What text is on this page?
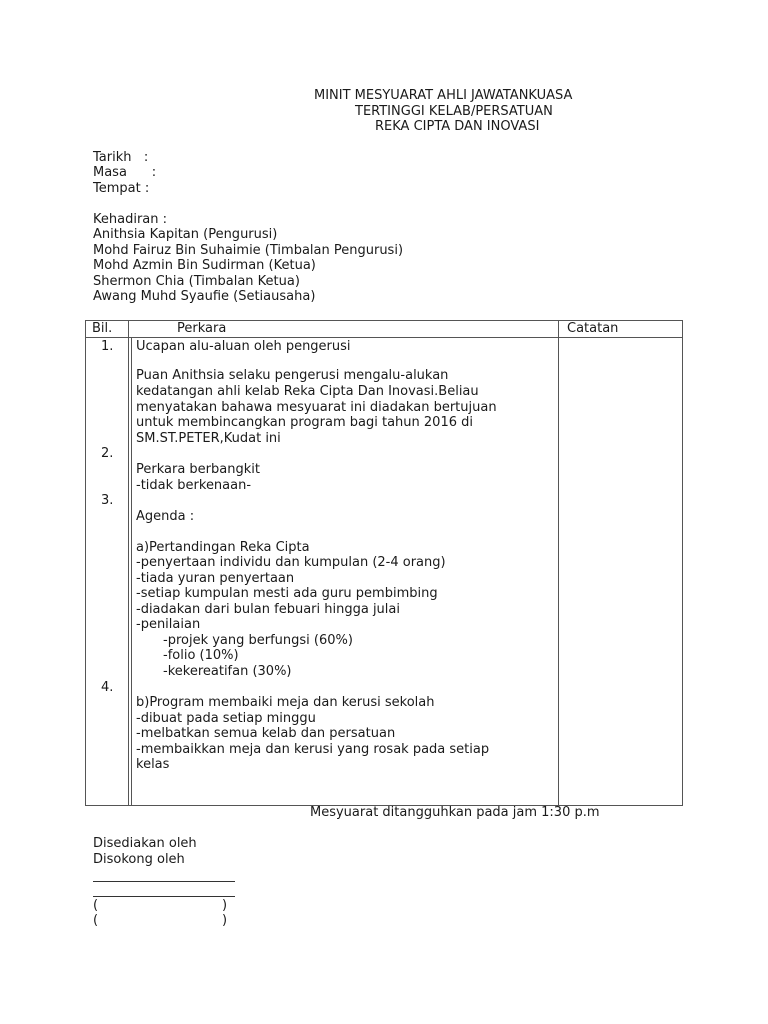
MINIT MESYUARAT AHLI JAWATANKUASA
TERTINGGI KELAB/PERSATUAN
REKA CIPTA DAN INOVASI
Tarikh   :
Masa      :
Tempat :
Kehadiran :
Anithsia Kapitan (Pengurusi)
Mohd Fairuz Bin Suhaimie (Timbalan Pengurusi)
Mohd Azmin Bin Sudirman (Ketua)
Shermon Chia (Timbalan Ketua)
Awang Muhd Syaufie (Setiausaha)
Bil.	Perkara	Catatan
1.
2.
3.
4.
Ucapan alu-aluan oleh pengerusi
Puan Anithsia selaku pengerusi mengalu-alukan
kedatangan ahli kelab Reka Cipta Dan Inovasi.Beliau
menyatakan bahawa mesyuarat ini diadakan bertujuan
untuk membincangkan program bagi tahun 2016 di
SM.ST.PETER,Kudat ini
Perkara berbangkit
-tidak berkenaan-
Agenda :
a)Pertandingan Reka Cipta
-penyertaan individu dan kumpulan (2-4 orang)
-tiada yuran penyertaan
-setiap kumpulan mesti ada guru pembimbing
-diadakan dari bulan febuari hingga julai
-penilaian
-projek yang berfungsi (60%)
-folio (10%)
-kekereatifan (30%)
b)Program membaiki meja dan kerusi sekolah
-dibuat pada setiap minggu
-melbatkan semua kelab dan persatuan
-membaikkan meja dan kerusi yang rosak pada setiap
kelas
Mesyuarat ditangguhkan pada jam 1:30 p.m
Disediakan oleh
Disokong oleh
(                              )
(                              )
